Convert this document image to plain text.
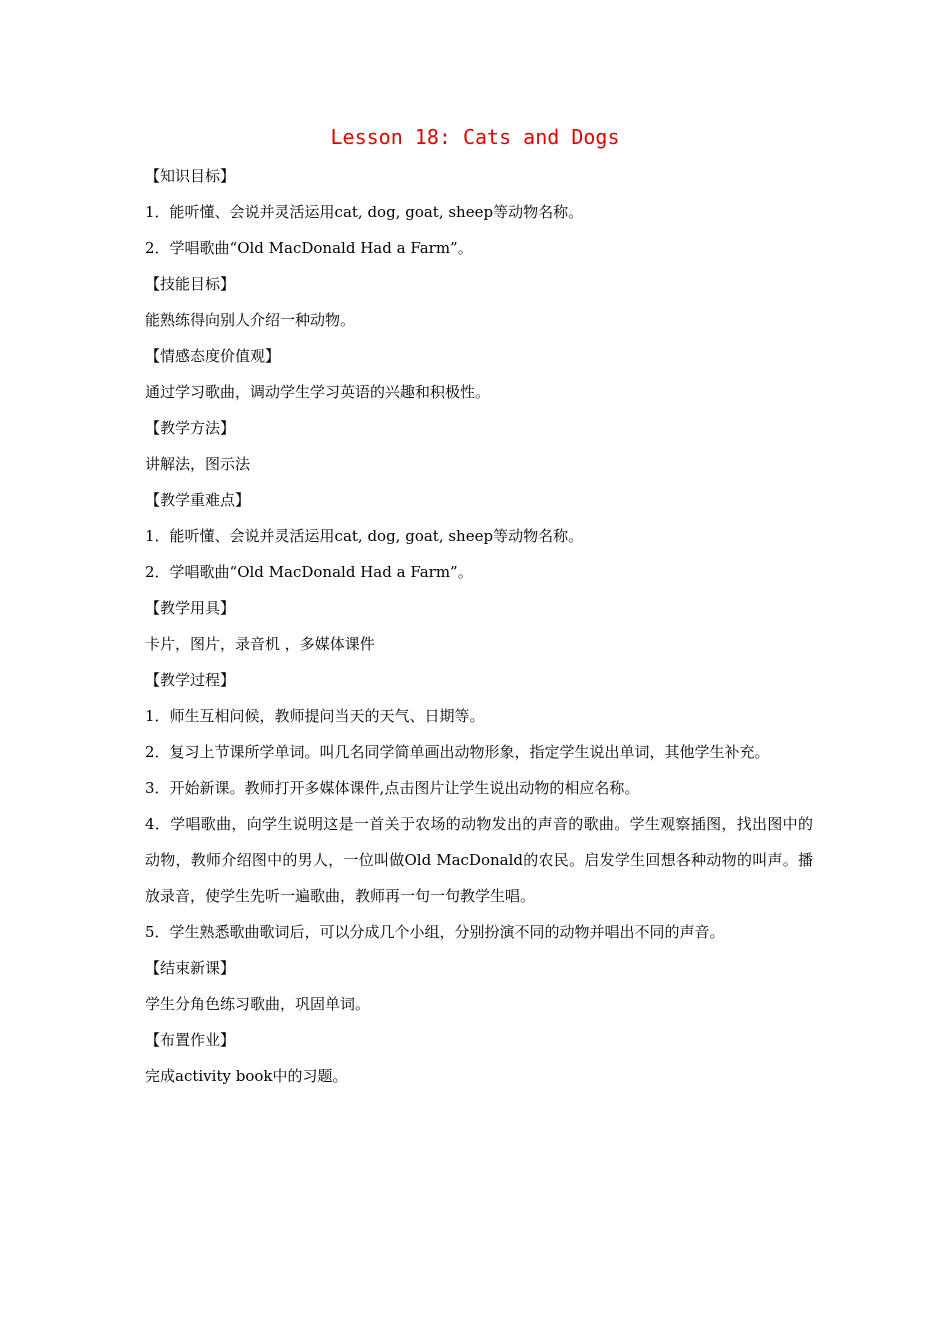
Lesson 18: Cats and Dogs

【知识目标】

1．能听懂、会说并灵活运用cat, dog, goat, sheep等动物名称。

2．学唱歌曲“Old MacDonald Had a Farm”。

【技能目标】

能熟练得向别人介绍一种动物。

【情感态度价值观】

通过学习歌曲，调动学生学习英语的兴趣和积极性。

【教学方法】

讲解法，图示法

【教学重难点】

1．能听懂、会说并灵活运用cat, dog, goat, sheep等动物名称。

2．学唱歌曲“Old MacDonald Had a Farm”。

【教学用具】

卡片，图片，录音机 ，多媒体课件

【教学过程】

1．师生互相问候，教师提问当天的天气、日期等。

2．复习上节课所学单词。叫几名同学简单画出动物形象，指定学生说出单词，其他学生补充。

3．开始新课。教师打开多媒体课件,点击图片让学生说出动物的相应名称。

4．学唱歌曲，向学生说明这是一首关于农场的动物发出的声音的歌曲。学生观察插图，找出图中的动物，教师介绍图中的男人，一位叫做Old MacDonald的农民。启发学生回想各种动物的叫声。播放录音，使学生先听一遍歌曲，教师再一句一句教学生唱。

5．学生熟悉歌曲歌词后，可以分成几个小组，分别扮演不同的动物并唱出不同的声音。

【结束新课】

学生分角色练习歌曲，巩固单词。

【布置作业】

完成activity book中的习题。
